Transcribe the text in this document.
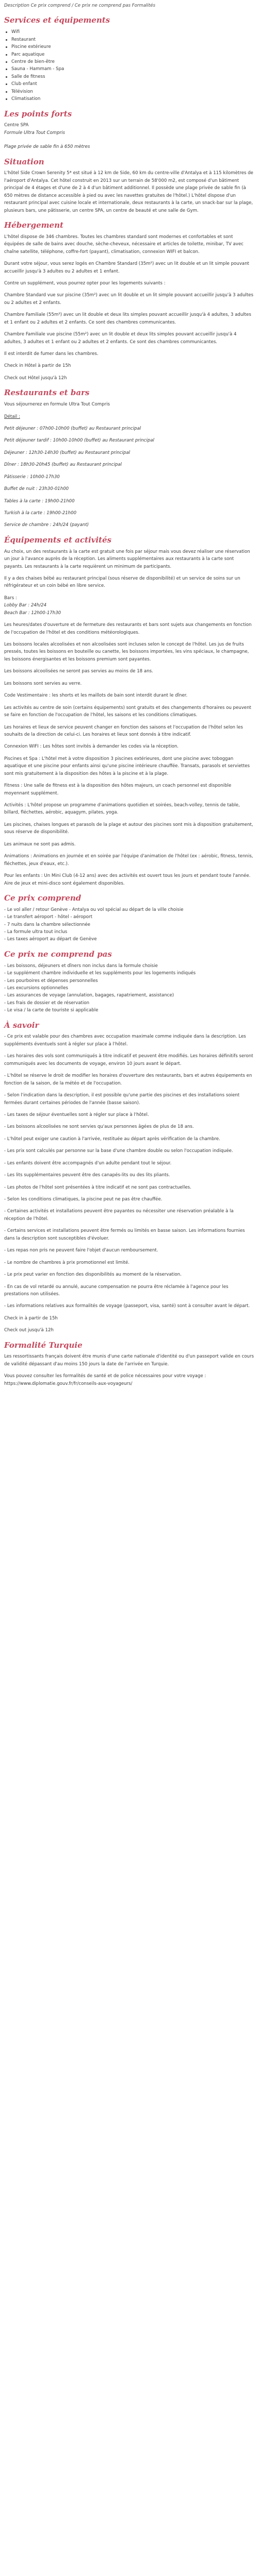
Description Ce prix comprend / Ce prix ne comprend pas Formalités

Services et équipements
Wifi
Restaurant
Piscine extérieure
Parc aquatique
Centre de bien-être
Sauna - Hammam - Spa
Salle de fitness
Club enfant
Télévision
Climatisation
Les points forts

Centre SPA

Formule Ultra Tout Compris

Plage privée de sable fin à 650 mètres

Situation

L'hôtel Side Crown Serenity 5* est situé à 12 km de Side, 60 km du centre-ville d'Antalya et à 115 kilomètres de l'aéroport d'Antalya. Cet hôtel construit en 2013 sur un terrain de 58'000 m2, est composé d'un bâtiment principal de 4 étages et d'une de 2 à 4 d'un bâtiment additionnel. Il possède une plage privée de sable fin (à 650 mètres de distance accessible à pied ou avec les navettes gratuites de l'hôtel.) L'hôtel dispose d'un restaurant principal avec cuisine locale et internationale, deux restaurants à la carte, un snack-bar sur la plage, plusieurs bars, une pâtisserie, un centre SPA, un centre de beauté et une salle de Gym.

Hébergement

L'hôtel dispose de 346 chambres. Toutes les chambres standard sont modernes et confortables et sont équipées de salle de bains avec douche, sèche-cheveux, nécessaire et articles de toilette, minibar, TV avec chaîne satellite, téléphone, coffre-fort (payant), climatisation, connexion WIFI et balcon.

Durant votre séjour, vous serez logés en Chambre Standard (35m²) avec un lit double et un lit simple pouvant accueillir jusqu'à 3 adultes ou 2 adultes et 1 enfant.

Contre un supplément, vous pourrez opter pour les logements suivants :

Chambre Standard vue sur piscine (35m²) avec un lit double et un lit simple pouvant accueillir jusqu'à 3 adultes ou 2 adultes et 2 enfants.

Chambre Familiale (55m²) avec un lit double et deux lits simples pouvant accueillir jusqu'à 4 adultes, 3 adultes et 1 enfant ou 2 adultes et 2 enfants. Ce sont des chambres communicantes.

Chambre Familiale vue piscine (55m²) avec un lit double et deux lits simples pouvant accueillir jusqu'à 4 adultes, 3 adultes et 1 enfant ou 2 adultes et 2 enfants. Ce sont des chambres communicantes.

Il est interdit de fumer dans les chambres.

Check in Hôtel à partir de 15h

Check out Hôtel jusqu'à 12h

Restaurants et bars

Vous séjournerez en formule Ultra Tout Compris

Détail :

Petit déjeuner : 07h00-10h00 (buffet) au Restaurant principal

Petit déjeuner tardif : 10h00-10h00 (buffet) au Restaurant principal

Déjeuner : 12h30-14h30 (buffet) au Restaurant principal

Dîner : 18h30-20h45 (buffet) au Restaurant principal

Pâtisserie : 10h00-17h30

Buffet de nuit : 23h30-01h00

Tables à la carte : 19h00-21h00

Turkish à la carte : 19h00-21h00

Service de chambre : 24h/24 (payant)

Équipements et activités

Au choix, un des restaurants à la carte est gratuit une fois par séjour mais vous devez réaliser une réservation un jour à l'avance auprès de la réception. Les aliments supplémentaires aux restaurants à la carte sont payants. Les restaurants à la carte requièrent un minimum de participants.

Il y a des chaises bébé au restaurant principal (sous réserve de disponibilité) et un service de soins sur un réfrigérateur et un coin bébé en libre service.

Bars :

Lobby Bar : 24h/24

Beach Bar : 12h00-17h30

Les heures/dates d'ouverture et de fermeture des restaurants et bars sont sujets aux changements en fonction de l'occupation de l'hôtel et des conditions météorologiques.

Les boissons locales alcoolisées et non alcoolisées sont incluses selon le concept de l'hôtel. Les jus de fruits pressés, toutes les boissons en bouteille ou canette, les boissons importées, les vins spéciaux, le champagne, les boissons énergisantes et les boissons premium sont payantes.

Les boissons alcoolisées ne seront pas servies au moins de 18 ans.

Les boissons sont servies au verre.

Code Vestimentaire : les shorts et les maillots de bain sont interdit durant le dîner.

Les activités au centre de soin (certains équipements) sont gratuits et des changements d'horaires ou peuvent se faire en fonction de l'occupation de l'hôtel, les saisons et les conditions climatiques.

Les horaires et lieux de service peuvent changer en fonction des saisons et l'occupation de l'hôtel selon les souhaits de la direction de celui-ci. Les horaires et lieux sont donnés à titre indicatif.

Connexion WIFI : Les hôtes sont invités à demander les codes via la réception.

Piscines et Spa : L'hôtel met à votre disposition 3 piscines extérieures, dont une piscine avec toboggan aquatique et une piscine pour enfants ainsi qu'une piscine intérieure chauffée. Transats, parasols et serviettes sont mis gratuitement à la disposition des hôtes à la piscine et à la plage.

Fitness : Une salle de fitness est à la disposition des hôtes majeurs, un coach personnel est disponible moyennant supplément.

Activités : L'hôtel propose un programme d'animations quotidien et soirées, beach-volley, tennis de table, billard, fléchettes, aérobic, aquagym, pilates, yoga.

Les piscines, chaises longues et parasols de la plage et autour des piscines sont mis à disposition gratuitement, sous réserve de disponibilité.

Les animaux ne sont pas admis.

Animations : Animations en journée et en soirée par l'équipe d'animation de l'hôtel (ex : aérobic, fitness, tennis, fléchettes, jeux d'eaux, etc.).

Pour les enfants : Un Mini Club (4-12 ans) avec des activités est ouvert tous les jours et pendant toute l'année. Aire de jeux et mini-disco sont également disponibles.

Ce prix comprend

- Le vol aller / retour Genève - Antalya ou vol spécial au départ de la ville choisie

- Le transfert aéroport - hôtel - aéroport

- 7 nuits dans la chambre sélectionnée

- La formule ultra tout inclus

- Les taxes aéroport au départ de Genève

Ce prix ne comprend pas

- Les boissons, déjeuners et dîners non inclus dans la formule choisie

- Le supplément chambre individuelle et les suppléments pour les logements indiqués

- Les pourboires et dépenses personnelles

- Les excursions optionnelles

- Les assurances de voyage (annulation, bagages, rapatriement, assistance)

- Les frais de dossier et de réservation

- Le visa / la carte de touriste si applicable

À savoir

- Ce prix est valable pour des chambres avec occupation maximale comme indiquée dans la description. Les suppléments éventuels sont à régler sur place à l'hôtel.

- Les horaires des vols sont communiqués à titre indicatif et peuvent être modifiés. Les horaires définitifs seront communiqués avec les documents de voyage, environ 10 jours avant le départ.

- L'hôtel se réserve le droit de modifier les horaires d'ouverture des restaurants, bars et autres équipements en fonction de la saison, de la météo et de l'occupation.

- Selon l'indication dans la description, il est possible qu'une partie des piscines et des installations soient fermées durant certaines périodes de l'année (basse saison).

- Les taxes de séjour éventuelles sont à régler sur place à l'hôtel.

- Les boissons alcoolisées ne sont servies qu'aux personnes âgées de plus de 18 ans.

- L'hôtel peut exiger une caution à l'arrivée, restituée au départ après vérification de la chambre.

- Les prix sont calculés par personne sur la base d'une chambre double ou selon l'occupation indiquée.

- Les enfants doivent être accompagnés d'un adulte pendant tout le séjour.

- Les lits supplémentaires peuvent être des canapés-lits ou des lits pliants.

- Les photos de l'hôtel sont présentées à titre indicatif et ne sont pas contractuelles.

- Selon les conditions climatiques, la piscine peut ne pas être chauffée.

- Certaines activités et installations peuvent être payantes ou nécessiter une réservation préalable à la réception de l'hôtel.

- Certains services et installations peuvent être fermés ou limités en basse saison. Les informations fournies dans la description sont susceptibles d'évoluer.

- Les repas non pris ne peuvent faire l'objet d'aucun remboursement.

- Le nombre de chambres à prix promotionnel est limité.

- Le prix peut varier en fonction des disponibilités au moment de la réservation.

- En cas de vol retardé ou annulé, aucune compensation ne pourra être réclamée à l'agence pour les prestations non utilisées.

- Les informations relatives aux formalités de voyage (passeport, visa, santé) sont à consulter avant le départ.

Check in à partir de 15h

Check out jusqu'à 12h

Formalité Turquie

Les ressortissants français doivent être munis d'une carte nationale d'identité ou d'un passeport valide en cours de validité dépassant d'au moins 150 jours la date de l'arrivée en Turquie.

Vous pouvez consulter les formalités de santé et de police nécessaires pour votre voyage : https://www.diplomatie.gouv.fr/fr/conseils-aux-voyageurs/
